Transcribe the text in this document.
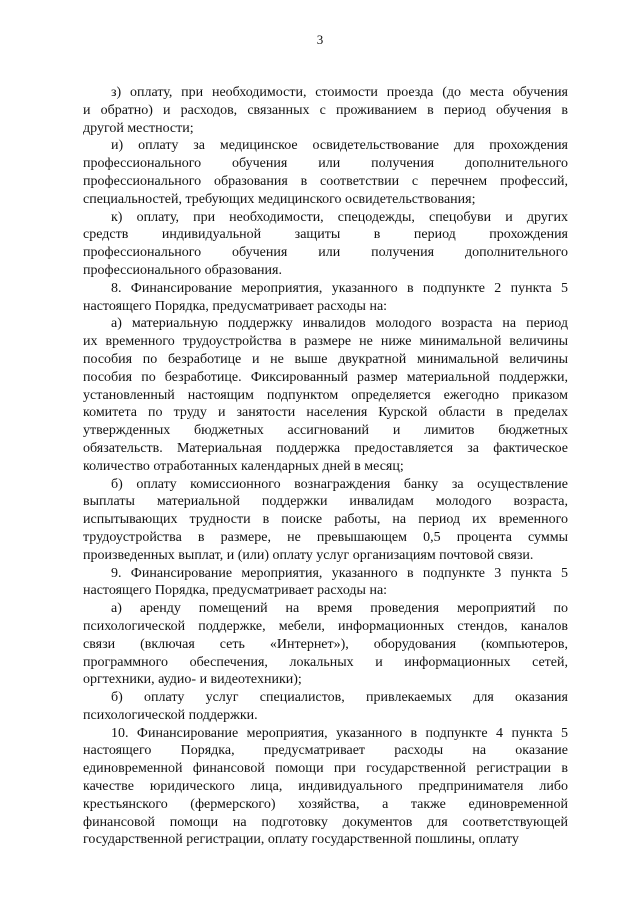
3
з) оплату, при необходимости, стоимости проезда (до места обучения
и обратно) и расходов, связанных с проживанием в период обучения в
другой местности;
и) оплату за медицинское освидетельствование для прохождения
профессионального обучения или получения дополнительного
профессионального образования в соответствии с перечнем профессий,
специальностей, требующих медицинского освидетельствования;
к) оплату, при необходимости, спецодежды, спецобуви и других
средств индивидуальной защиты в период прохождения
профессионального обучения или получения дополнительного
профессионального образования.
8. Финансирование мероприятия, указанного в подпункте 2 пункта 5
настоящего Порядка, предусматривает расходы на:
а) материальную поддержку инвалидов молодого возраста на период
их временного трудоустройства в размере не ниже минимальной величины
пособия по безработице и не выше двукратной минимальной величины
пособия по безработице. Фиксированный размер материальной поддержки,
установленный настоящим подпунктом определяется ежегодно приказом
комитета по труду и занятости населения Курской области в пределах
утвержденных бюджетных ассигнований и лимитов бюджетных
обязательств. Материальная поддержка предоставляется за фактическое
количество отработанных календарных дней в месяц;
б) оплату комиссионного вознаграждения банку за осуществление
выплаты материальной поддержки инвалидам молодого возраста,
испытывающих трудности в поиске работы, на период их временного
трудоустройства в размере, не превышающем 0,5 процента суммы
произведенных выплат, и (или) оплату услуг организациям почтовой связи.
9. Финансирование мероприятия, указанного в подпункте 3 пункта 5
настоящего Порядка, предусматривает расходы на:
а) аренду помещений на время проведения мероприятий по
психологической поддержке, мебели, информационных стендов, каналов
связи (включая сеть «Интернет»), оборудования (компьютеров,
программного обеспечения, локальных и информационных сетей,
оргтехники, аудио- и видеотехники);
б) оплату услуг специалистов, привлекаемых для оказания
психологической поддержки.
10. Финансирование мероприятия, указанного в подпункте 4 пункта 5
настоящего Порядка, предусматривает расходы на оказание
единовременной финансовой помощи при государственной регистрации в
качестве юридического лица, индивидуального предпринимателя либо
крестьянского (фермерского) хозяйства, а также единовременной
финансовой помощи на подготовку документов для соответствующей
государственной регистрации, оплату государственной пошлины, оплату
